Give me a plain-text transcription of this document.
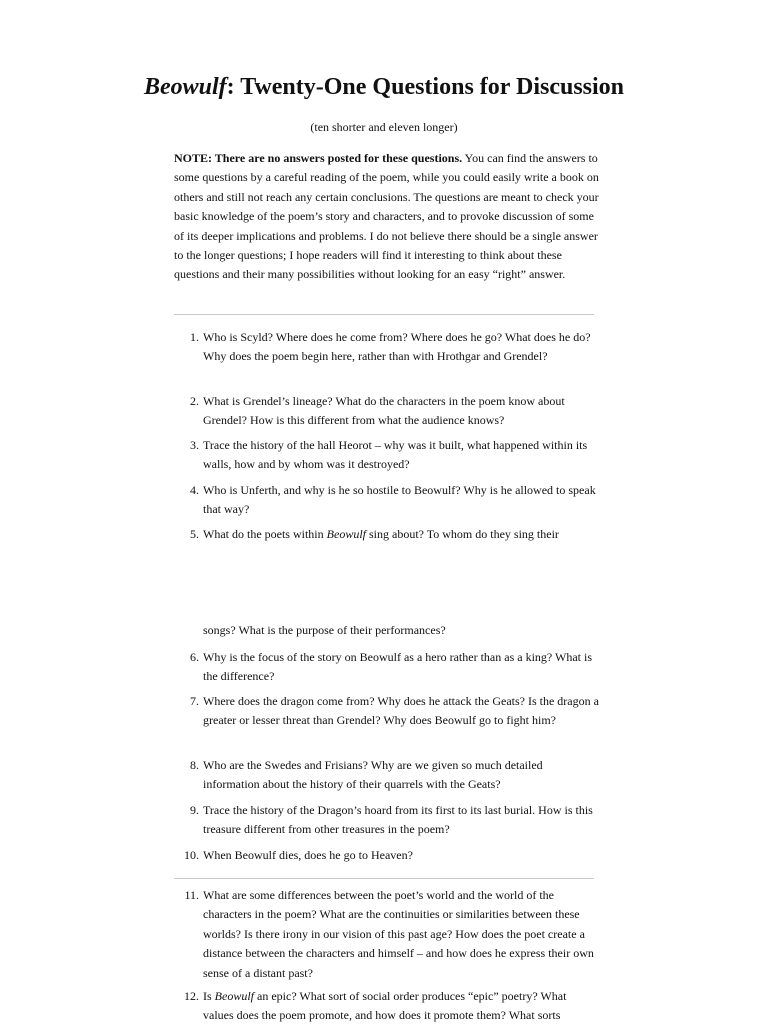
Beowulf: Twenty-One Questions for Discussion

(ten shorter and eleven longer)

NOTE: There are no answers posted for these questions. You can find the answers to some questions by a careful reading of the poem, while you could easily write a book on others and still not reach any certain conclusions. The questions are meant to check your basic knowledge of the poem’s story and characters, and to provoke discussion of some of its deeper implications and problems. I do not believe there should be a single answer to the longer questions; I hope readers will find it interesting to think about these questions and their many possibilities without looking for an easy “right” answer.

1. Who is Scyld? Where does he come from? Where does he go? What does he do? Why does the poem begin here, rather than with Hrothgar and Grendel?
2. What is Grendel’s lineage? What do the characters in the poem know about Grendel? How is this different from what the audience knows?
3. Trace the history of the hall Heorot – why was it built, what happened within its walls, how and by whom was it destroyed?
4. Who is Unferth, and why is he so hostile to Beowulf? Why is he allowed to speak that way?
5. What do the poets within Beowulf sing about? To whom do they sing their
songs? What is the purpose of their performances?
6. Why is the focus of the story on Beowulf as a hero rather than as a king? What is the difference?
7. Where does the dragon come from? Why does he attack the Geats? Is the dragon a greater or lesser threat than Grendel? Why does Beowulf go to fight him?
8. Who are the Swedes and Frisians? Why are we given so much detailed information about the history of their quarrels with the Geats?
9. Trace the history of the Dragon’s hoard from its first to its last burial. How is this treasure different from other treasures in the poem?
10. When Beowulf dies, does he go to Heaven?
11. What are some differences between the poet’s world and the world of the characters in the poem? What are the continuities or similarities between these worlds? Is there irony in our vision of this past age? How does the poet create a distance between the characters and himself – and how does he express their own sense of a distant past?
12. Is Beowulf an epic? What sort of social order produces “epic” poetry? What values does the poem promote, and how does it promote them? What sorts
